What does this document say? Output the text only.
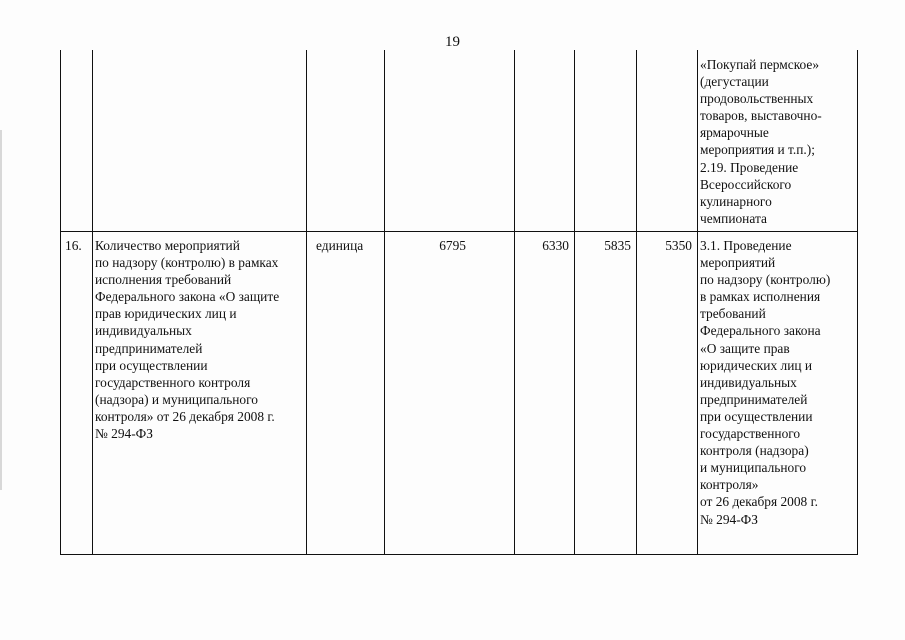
19
«Покупай пермское»
(дегустации
продовольственных
товаров, выставочно-
ярмарочные
мероприятия и т.п.);
2.19. Проведение
Всероссийского
кулинарного
чемпионата
16. Количество мероприятий
по надзору (контролю) в рамках
исполнения требований
Федерального закона «О защите
прав юридических лиц и
индивидуальных
предпринимателей
при осуществлении
государственного контроля
(надзора) и муниципального
контроля» от 26 декабря 2008 г.
№ 294-ФЗ
единица	6795	6330	5835	5350 3.1. Проведение
мероприятий
по надзору (контролю)
в рамках исполнения
требований
Федерального закона
«О защите прав
юридических лиц и
индивидуальных
предпринимателей
при осуществлении
государственного
контроля (надзора)
и муниципального
контроля»
от 26 декабря 2008 г.
№ 294-ФЗ
